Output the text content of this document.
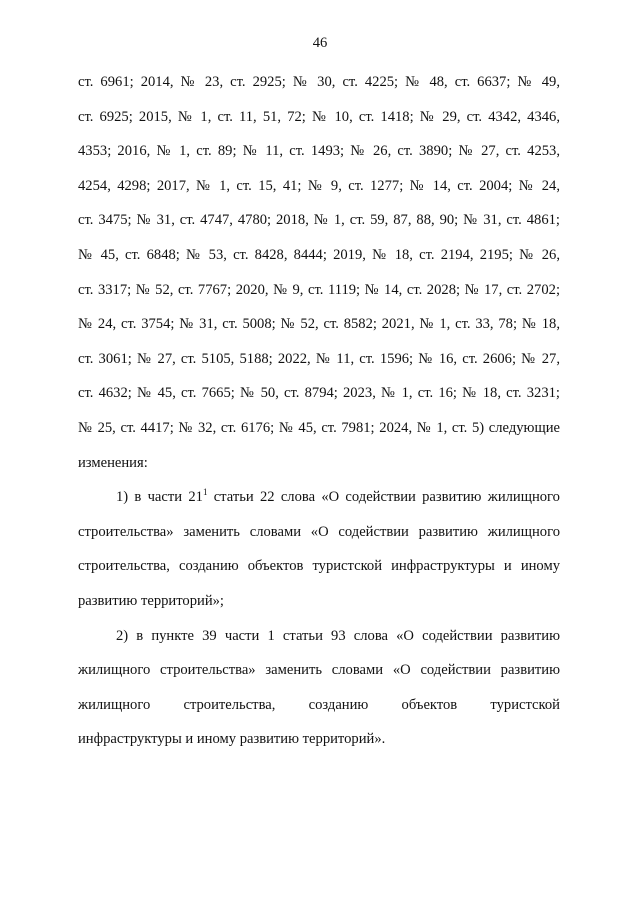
46

ст. 6961; 2014, № 23, ст. 2925; № 30, ст. 4225; № 48, ст. 6637; № 49,
ст. 6925; 2015, № 1, ст. 11, 51, 72; № 10, ст. 1418; № 29, ст. 4342, 4346,
4353; 2016, № 1, ст. 89; № 11, ст. 1493; № 26, ст. 3890; № 27, ст. 4253,
4254, 4298; 2017, № 1, ст. 15, 41; № 9, ст. 1277; № 14, ст. 2004; № 24,
ст. 3475; № 31, ст. 4747, 4780; 2018, № 1, ст. 59, 87, 88, 90; № 31, ст. 4861;
№ 45, ст. 6848; № 53, ст. 8428, 8444; 2019, № 18, ст. 2194, 2195; № 26,
ст. 3317; № 52, ст. 7767; 2020, № 9, ст. 1119; № 14, ст. 2028; № 17, ст. 2702;
№ 24, ст. 3754; № 31, ст. 5008; № 52, ст. 8582; 2021, № 1, ст. 33, 78; № 18,
ст. 3061; № 27, ст. 5105, 5188; 2022, № 11, ст. 1596; № 16, ст. 2606; № 27,
ст. 4632; № 45, ст. 7665; № 50, ст. 8794; 2023, № 1, ст. 16; № 18, ст. 3231;
№ 25, ст. 4417; № 32, ст. 6176; № 45, ст. 7981; 2024, № 1, ст. 5) следующие
изменения:

1) в части $21^1$ статьи 22 слова «О содействии развитию жилищного
строительства» заменить словами «О содействии развитию жилищного
строительства, созданию объектов туристской инфраструктуры и иному
развитию территорий»;

2) в пункте 39 части 1 статьи 93 слова «О содействии развитию
жилищного строительства» заменить словами «О содействии развитию
жилищного строительства, созданию объектов туристской
инфраструктуры и иному развитию территорий».
